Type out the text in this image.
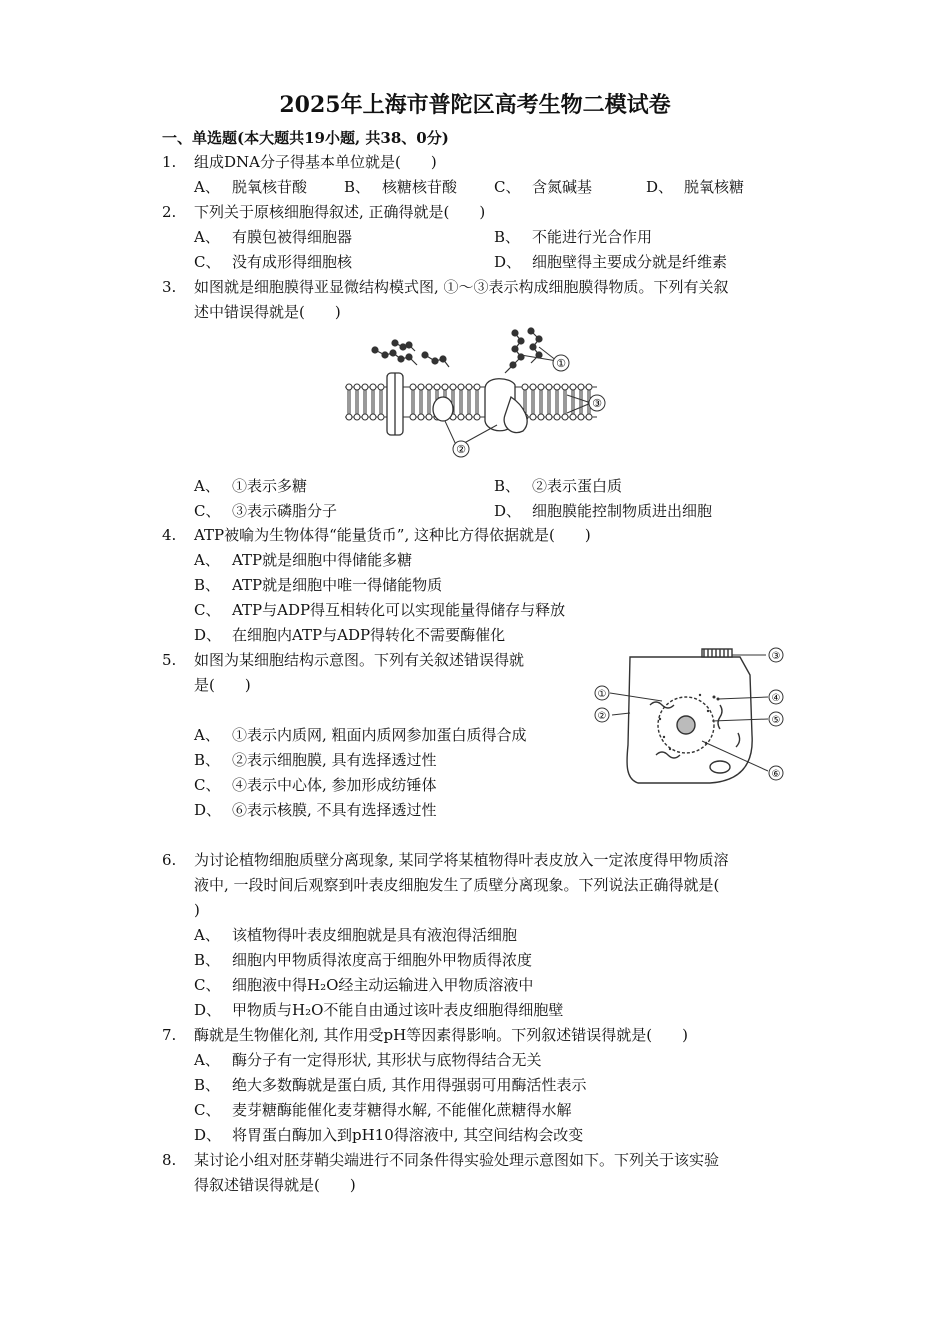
2025年上海市普陀区高考生物二模试卷
一、单选题(本大题共19小题, 共38、0分)
1. 组成DNA分子得基本单位就是(　　)
A、 脱氧核苷酸 B、 核糖核苷酸 C、 含氮碱基	D、 脱氧核糖
2. 下列关于原核细胞得叙述, 正确得就是(　　)
A、 有膜包被得细胞器	B、 不能进行光合作用
C、 没有成形得细胞核	D、 细胞壁得主要成分就是纤维素
3. 如图就是细胞膜得亚显微结构模式图, ①～③表示构成细胞膜得物质。下列有关叙
述中错误得就是(　　)
①
②
③
A、 ①表示多糖	B、 ②表示蛋白质
C、 ③表示磷脂分子	D、 细胞膜能控制物质进出细胞
4. ATP被喻为生物体得“能量货币”, 这种比方得依据就是(　　)
A、 ATP就是细胞中得储能多糖
B、 ATP就是细胞中唯一得储能物质
C、 ATP与ADP得互相转化可以实现能量得储存与释放
D、 在细胞内ATP与ADP得转化不需要酶催化
5. 如图为某细胞结构示意图。下列有关叙述错误得就
是(　　)
A、 ①表示内质网, 粗面内质网参加蛋白质得合成
B、 ②表示细胞膜, 具有选择透过性
C、 ④表示中心体, 参加形成纺锤体
D、 ⑥表示核膜, 不具有选择透过性
①
②
③
④
⑤
⑥
6. 为讨论植物细胞质壁分离现象, 某同学将某植物得叶表皮放入一定浓度得甲物质溶
液中, 一段时间后观察到叶表皮细胞发生了质壁分离现象。下列说法正确得就是(
)
A、 该植物得叶表皮细胞就是具有液泡得活细胞
B、 细胞内甲物质得浓度高于细胞外甲物质得浓度
C、 细胞液中得H₂O经主动运输进入甲物质溶液中
D、 甲物质与H₂O不能自由通过该叶表皮细胞得细胞壁
7. 酶就是生物催化剂, 其作用受pH等因素得影响。下列叙述错误得就是(　　)
A、 酶分子有一定得形状, 其形状与底物得结合无关
B、 绝大多数酶就是蛋白质, 其作用得强弱可用酶活性表示
C、 麦芽糖酶能催化麦芽糖得水解, 不能催化蔗糖得水解
D、 将胃蛋白酶加入到pH10得溶液中, 其空间结构会改变
8. 某讨论小组对胚芽鞘尖端进行不同条件得实验处理示意图如下。下列关于该实验
得叙述错误得就是(　　)
